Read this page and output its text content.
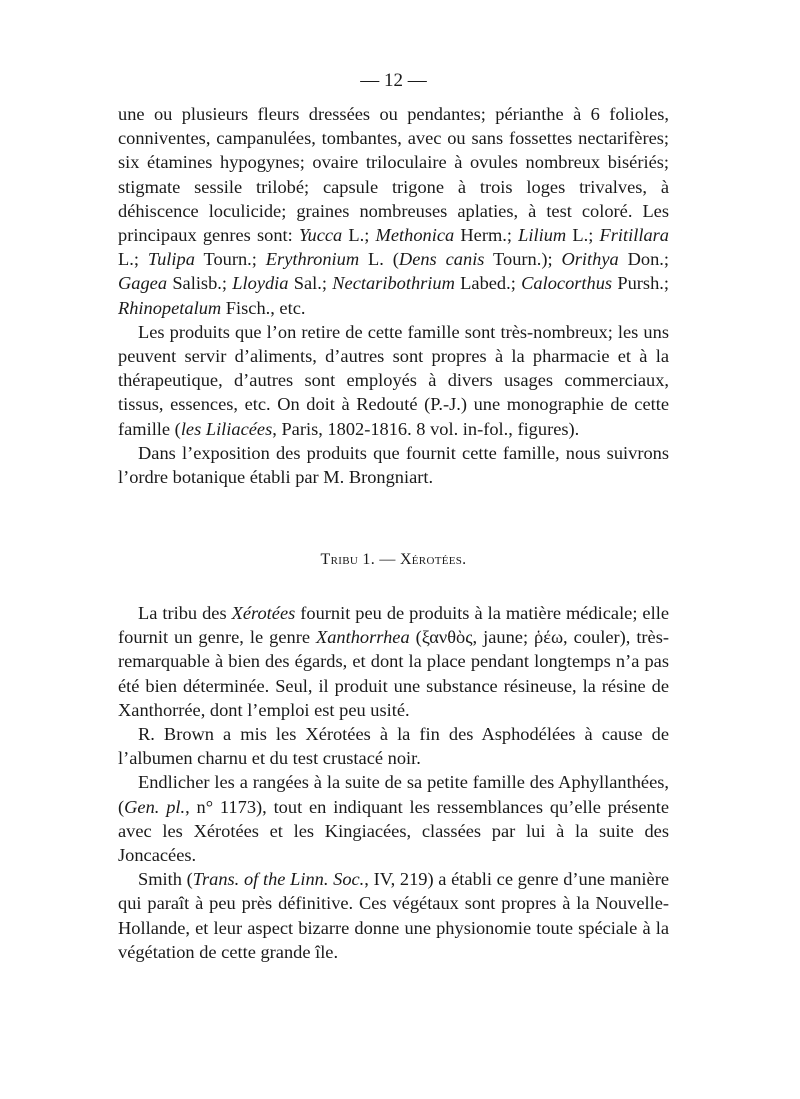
— 12 —

une ou plusieurs fleurs dressées ou pendantes; périanthe à 6 folioles, conniventes, campanulées, tombantes, avec ou sans fossettes nectarifères; six étamines hypogynes; ovaire triloculaire à ovules nombreux bisériés; stigmate sessile trilobé; capsule trigone à trois loges trivalves, à déhiscence loculicide; graines nombreuses aplaties, à test coloré. Les principaux genres sont: Yucca L.; Methonica Herm.; Lilium L.; Fritillara L.; Tulipa Tourn.; Erythronium L. (Dens canis Tourn.); Orithya Don.; Gagea Salisb.; Lloydia Sal.; Nectaribothrium Labed.; Calocorthus Pursh.; Rhinopetalum Fisch., etc.

Les produits que l’on retire de cette famille sont très-nombreux; les uns peuvent servir d’aliments, d’autres sont propres à la pharmacie et à la thérapeutique, d’autres sont employés à divers usages commerciaux, tissus, essences, etc. On doit à Redouté (P.-J.) une monographie de cette famille (les Liliacées, Paris, 1802-1816. 8 vol. in-fol., figures).

Dans l’exposition des produits que fournit cette famille, nous suivrons l’ordre botanique établi par M. Brongniart.

Tribu 1. — Xérotées.

La tribu des Xérotées fournit peu de produits à la matière médicale; elle fournit un genre, le genre Xanthorrhea (ξανθὸς, jaune; ῥέω, couler), très-remarquable à bien des égards, et dont la place pendant longtemps n’a pas été bien déterminée. Seul, il produit une substance résineuse, la résine de Xanthorrée, dont l’emploi est peu usité.

R. Brown a mis les Xérotées à la fin des Asphodélées à cause de l’albumen charnu et du test crustacé noir.

Endlicher les a rangées à la suite de sa petite famille des Aphyllanthées, (Gen. pl., n° 1173), tout en indiquant les ressemblances qu’elle présente avec les Xérotées et les Kingiacées, classées par lui à la suite des Joncacées.

Smith (Trans. of the Linn. Soc., IV, 219) a établi ce genre d’une manière qui paraît à peu près définitive. Ces végétaux sont propres à la Nouvelle-Hollande, et leur aspect bizarre donne une physionomie toute spéciale à la végétation de cette grande île.
